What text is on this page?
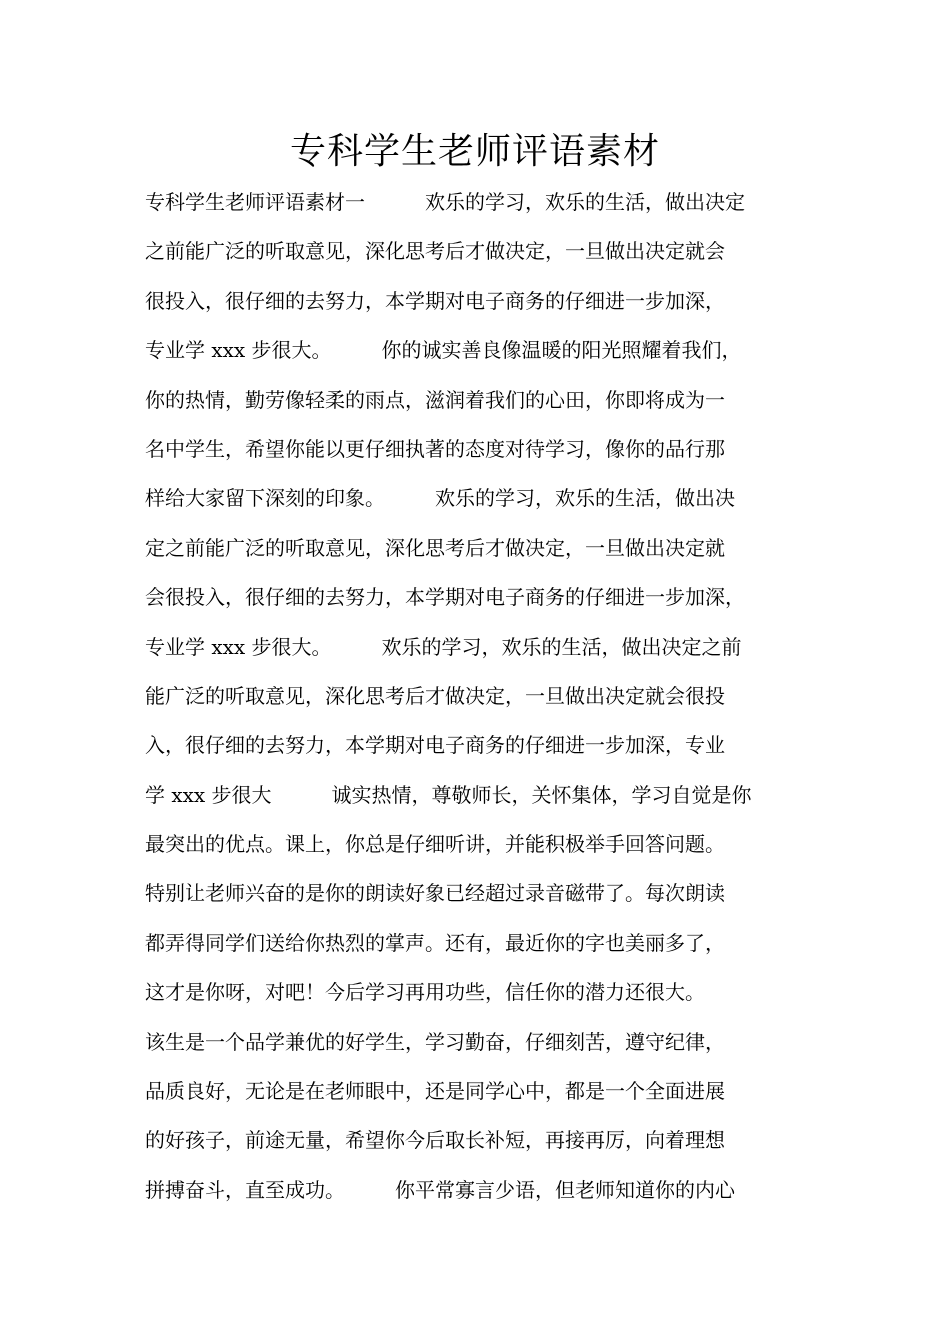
专科学生老师评语素材
专科学生老师评语素材一　　　欢乐的学习，欢乐的生活，做出决定
之前能广泛的听取意见，深化思考后才做决定，一旦做出决定就会
很投入，很仔细的去努力，本学期对电子商务的仔细进一步加深，
专业学 xxx 步很大。　　　你的诚实善良像温暖的阳光照耀着我们，
你的热情，勤劳像轻柔的雨点，滋润着我们的心田，你即将成为一
名中学生，希望你能以更仔细执著的态度对待学习，像你的品行那
样给大家留下深刻的印象。　　　欢乐的学习，欢乐的生活，做出决
定之前能广泛的听取意见，深化思考后才做决定，一旦做出决定就
会很投入，很仔细的去努力，本学期对电子商务的仔细进一步加深，
专业学 xxx 步很大。　　　欢乐的学习，欢乐的生活，做出决定之前
能广泛的听取意见，深化思考后才做决定，一旦做出决定就会很投
入，很仔细的去努力，本学期对电子商务的仔细进一步加深，专业
学 xxx 步很大　　　诚实热情，尊敬师长，关怀集体，学习自觉是你
最突出的优点。课上，你总是仔细听讲，并能积极举手回答问题。
特别让老师兴奋的是你的朗读好象已经超过录音磁带了。每次朗读
都弄得同学们送给你热烈的掌声。还有，最近你的字也美丽多了，
这才是你呀，对吧！今后学习再用功些，信任你的潜力还很大。
该生是一个品学兼优的好学生，学习勤奋，仔细刻苦，遵守纪律，
品质良好，无论是在老师眼中，还是同学心中，都是一个全面进展
的好孩子，前途无量，希望你今后取长补短，再接再厉，向着理想
拼搏奋斗，直至成功。　　　你平常寡言少语，但老师知道你的内心
